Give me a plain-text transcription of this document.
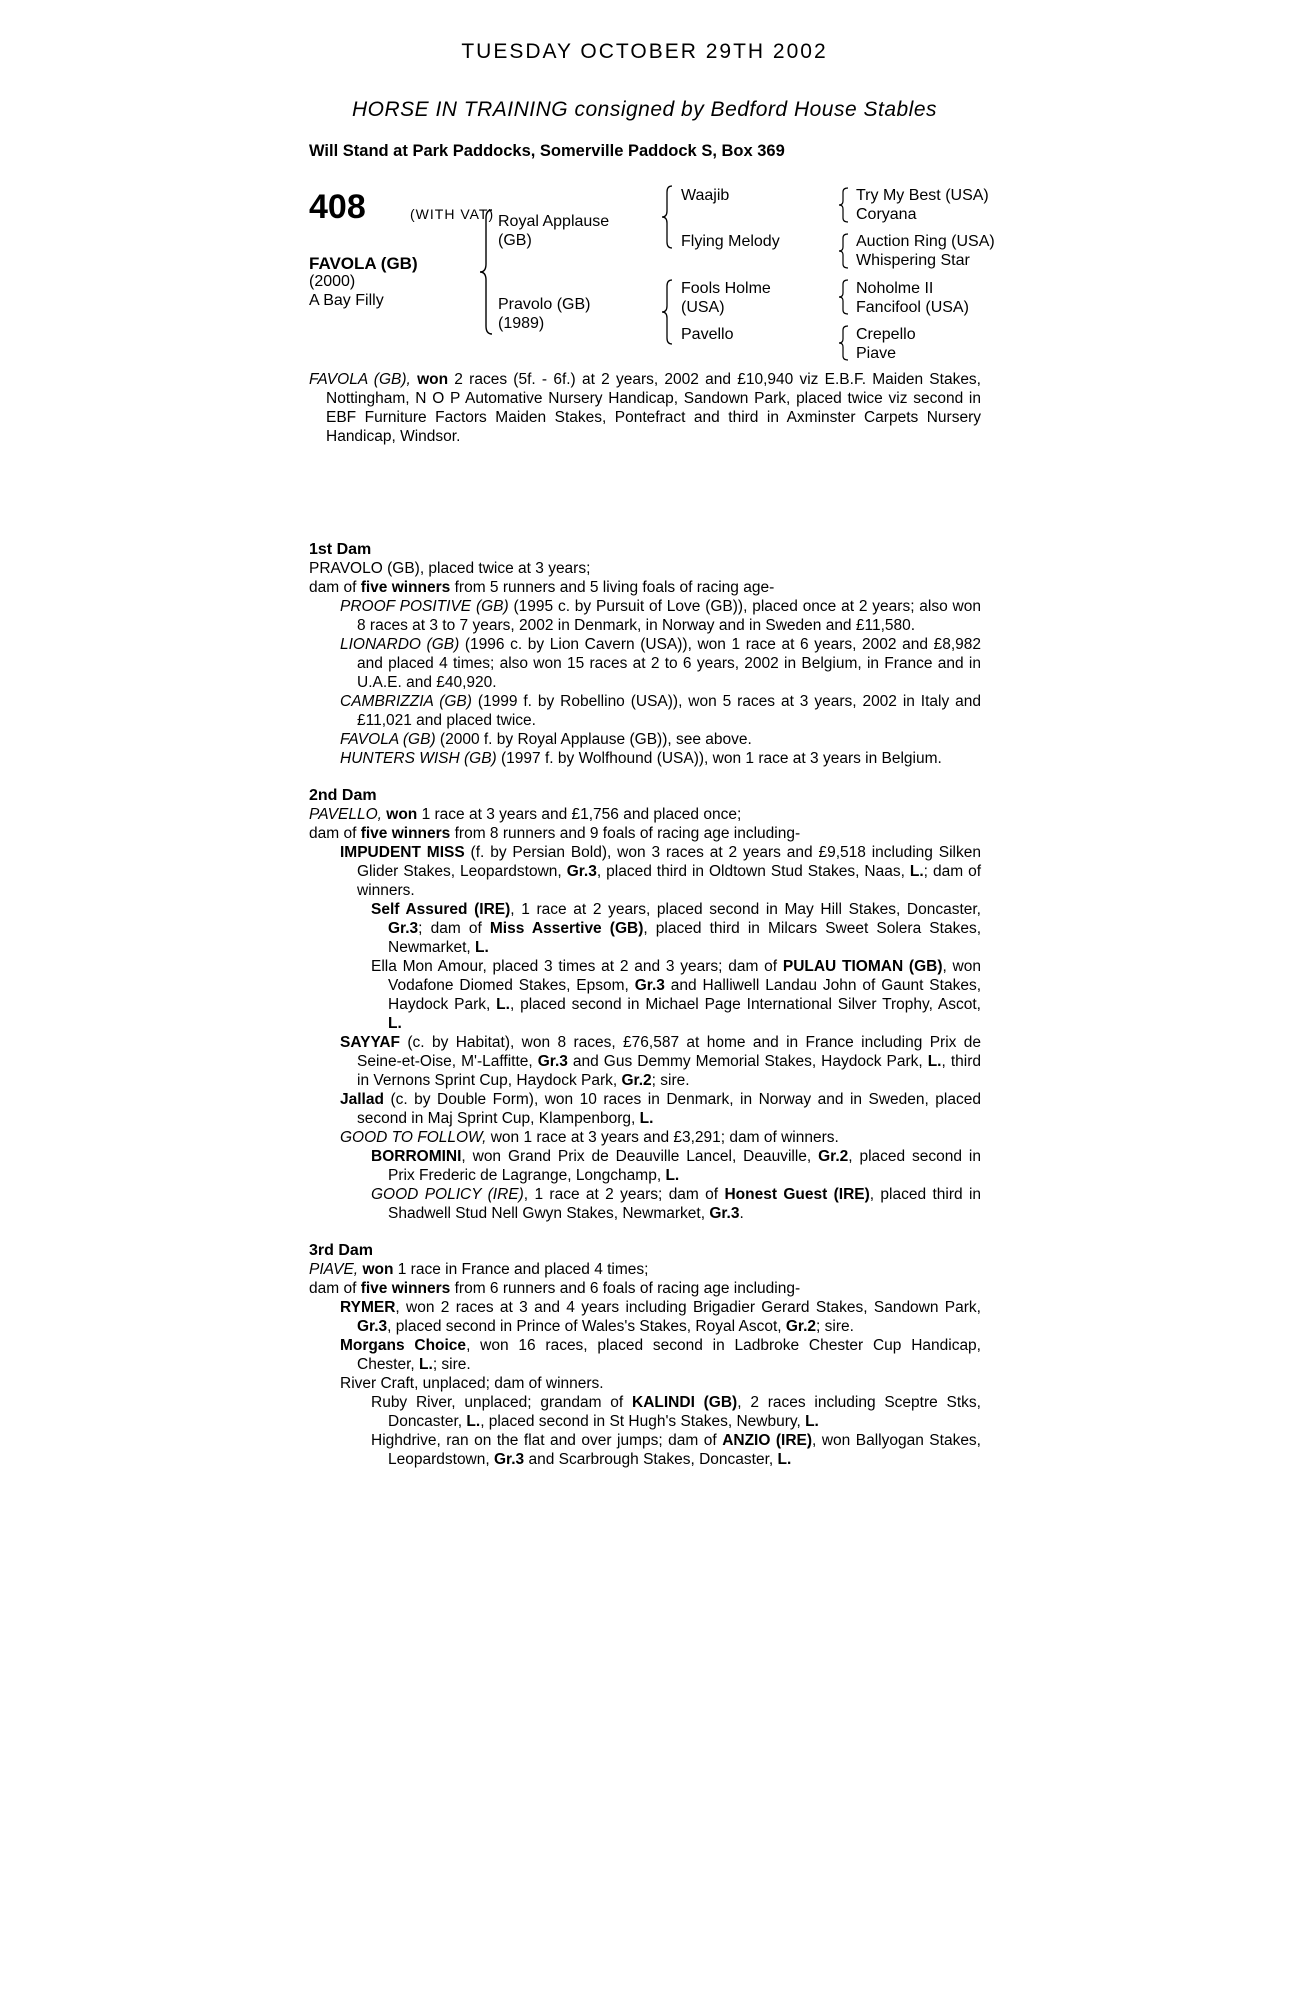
TUESDAY OCTOBER 29TH 2002
HORSE IN TRAINING consigned by Bedford House Stables
Will Stand at Park Paddocks, Somerville Paddock S, Box 369
408	(WITH VAT)
FAVOLA (GB)
(2000)
A Bay Filly
Royal Applause
(GB)
Pravolo (GB)
(1989)
Waajib
Flying Melody
Fools Holme
(USA)
Pavello
Try My Best (USA)
Coryana
Auction Ring (USA)
Whispering Star
Noholme II
Fancifool (USA)
Crepello
Piave

FAVOLA (GB), won 2 races (5f. - 6f.) at 2 years, 2002 and £10,940 viz E.B.F. Maiden Stakes, Nottingham, N O P Automative Nursery Handicap, Sandown Park, placed twice viz second in EBF Furniture Factors Maiden Stakes, Pontefract and third in Axminster Carpets Nursery Handicap, Windsor.

1st Dam

PRAVOLO (GB), placed twice at 3 years;

dam of five winners from 5 runners and 5 living foals of racing age-

PROOF POSITIVE (GB) (1995 c. by Pursuit of Love (GB)), placed once at 2 years; also won 8 races at 3 to 7 years, 2002 in Denmark, in Norway and in Sweden and £11,580.

LIONARDO (GB) (1996 c. by Lion Cavern (USA)), won 1 race at 6 years, 2002 and £8,982 and placed 4 times; also won 15 races at 2 to 6 years, 2002 in Belgium, in France and in U.A.E. and £40,920.

CAMBRIZZIA (GB) (1999 f. by Robellino (USA)), won 5 races at 3 years, 2002 in Italy and £11,021 and placed twice.

FAVOLA (GB) (2000 f. by Royal Applause (GB)), see above.

HUNTERS WISH (GB) (1997 f. by Wolfhound (USA)), won 1 race at 3 years in Belgium.

2nd Dam

PAVELLO, won 1 race at 3 years and £1,756 and placed once;

dam of five winners from 8 runners and 9 foals of racing age including-

IMPUDENT MISS (f. by Persian Bold), won 3 races at 2 years and £9,518 including Silken Glider Stakes, Leopardstown, Gr.3, placed third in Oldtown Stud Stakes, Naas, L.; dam of winners.

Self Assured (IRE), 1 race at 2 years, placed second in May Hill Stakes, Doncaster, Gr.3; dam of Miss Assertive (GB), placed third in Milcars Sweet Solera Stakes, Newmarket, L.

Ella Mon Amour, placed 3 times at 2 and 3 years; dam of PULAU TIOMAN (GB), won Vodafone Diomed Stakes, Epsom, Gr.3 and Halliwell Landau John of Gaunt Stakes, Haydock Park, L., placed second in Michael Page International Silver Trophy, Ascot, L.

SAYYAF (c. by Habitat), won 8 races, £76,587 at home and in France including Prix de Seine-et-Oise, M'-Laffitte, Gr.3 and Gus Demmy Memorial Stakes, Haydock Park, L., third in Vernons Sprint Cup, Haydock Park, Gr.2; sire.

Jallad (c. by Double Form), won 10 races in Denmark, in Norway and in Sweden, placed second in Maj Sprint Cup, Klampenborg, L.

GOOD TO FOLLOW, won 1 race at 3 years and £3,291; dam of winners.

BORROMINI, won Grand Prix de Deauville Lancel, Deauville, Gr.2, placed second in Prix Frederic de Lagrange, Longchamp, L.

GOOD POLICY (IRE), 1 race at 2 years; dam of Honest Guest (IRE), placed third in Shadwell Stud Nell Gwyn Stakes, Newmarket, Gr.3.

3rd Dam

PIAVE, won 1 race in France and placed 4 times;

dam of five winners from 6 runners and 6 foals of racing age including-

RYMER, won 2 races at 3 and 4 years including Brigadier Gerard Stakes, Sandown Park, Gr.3, placed second in Prince of Wales's Stakes, Royal Ascot, Gr.2; sire.

Morgans Choice, won 16 races, placed second in Ladbroke Chester Cup Handicap, Chester, L.; sire.

River Craft, unplaced; dam of winners.

Ruby River, unplaced; grandam of KALINDI (GB), 2 races including Sceptre Stks, Doncaster, L., placed second in St Hugh's Stakes, Newbury, L.

Highdrive, ran on the flat and over jumps; dam of ANZIO (IRE), won Ballyogan Stakes, Leopardstown, Gr.3 and Scarbrough Stakes, Doncaster, L.
